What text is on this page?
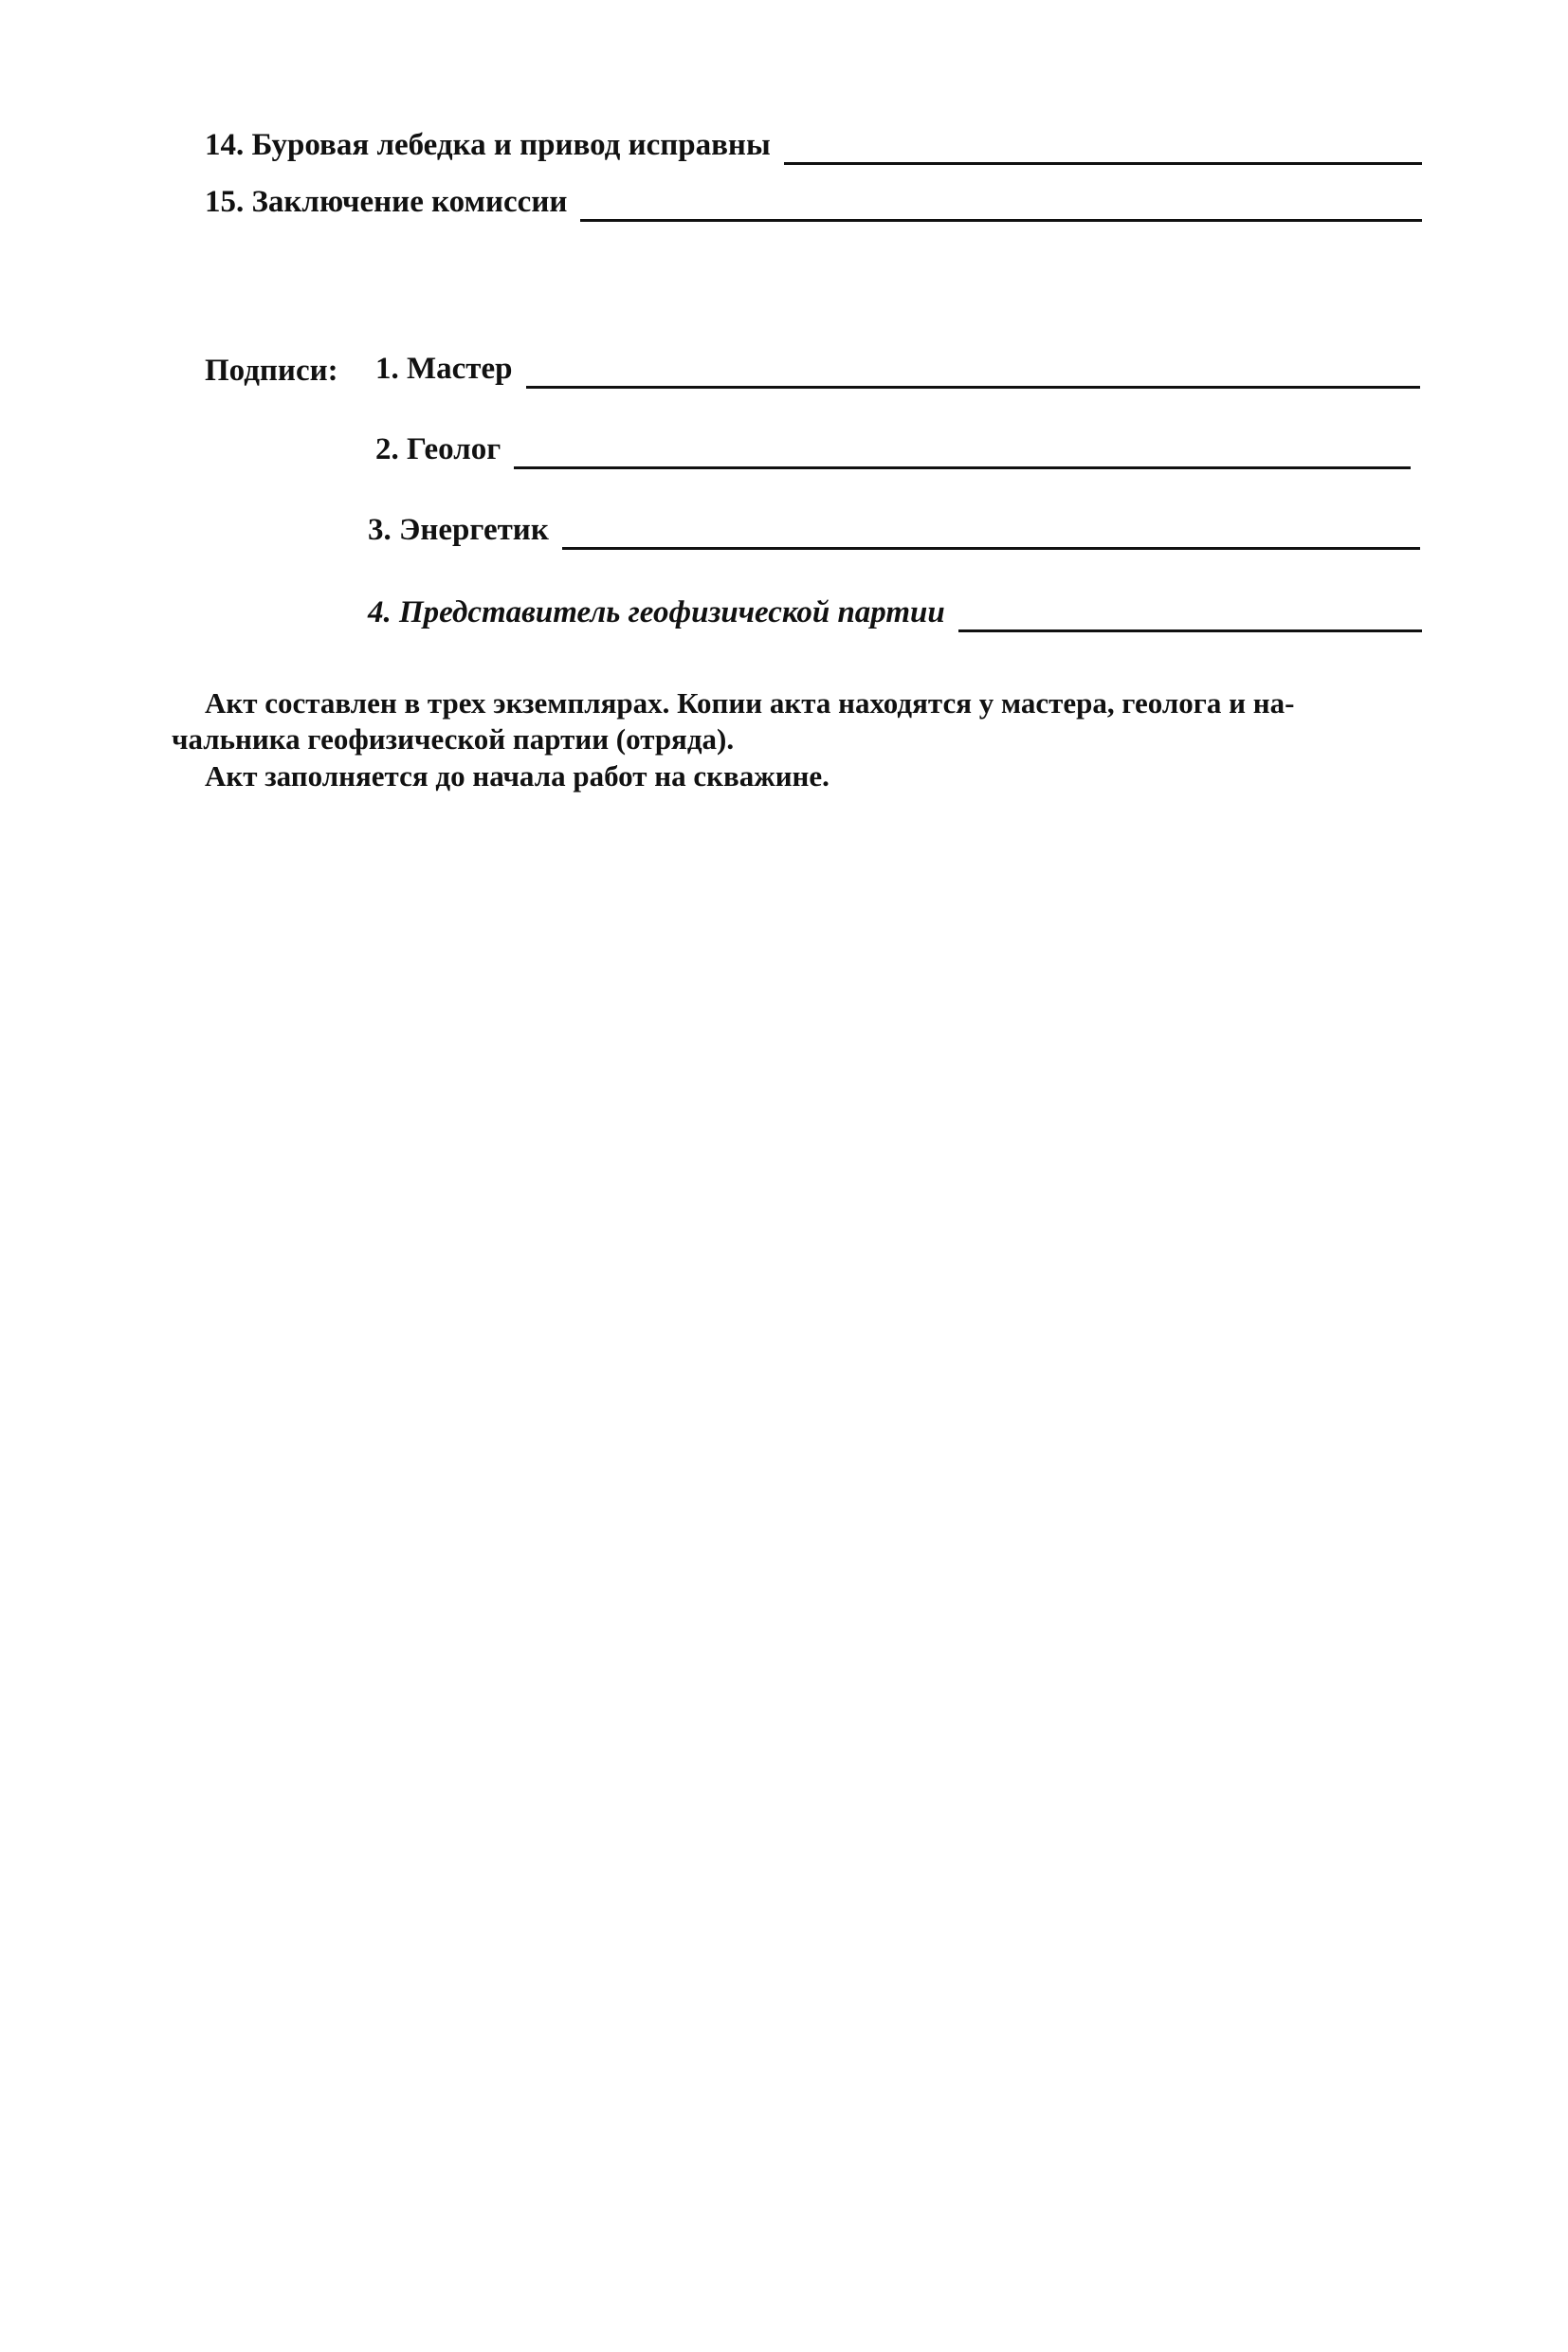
14. Буровая лебедка и привод исправны
15. Заключение комиссии
Подписи: 1. Мастер
2. Геолог
3. Энергетик
4. Представитель геофизической партии
Акт составлен в трех экземплярах. Копии акта находятся у мастера, геолога и на-
чальника геофизической партии (отряда).
Акт заполняется до начала работ на скважине.
